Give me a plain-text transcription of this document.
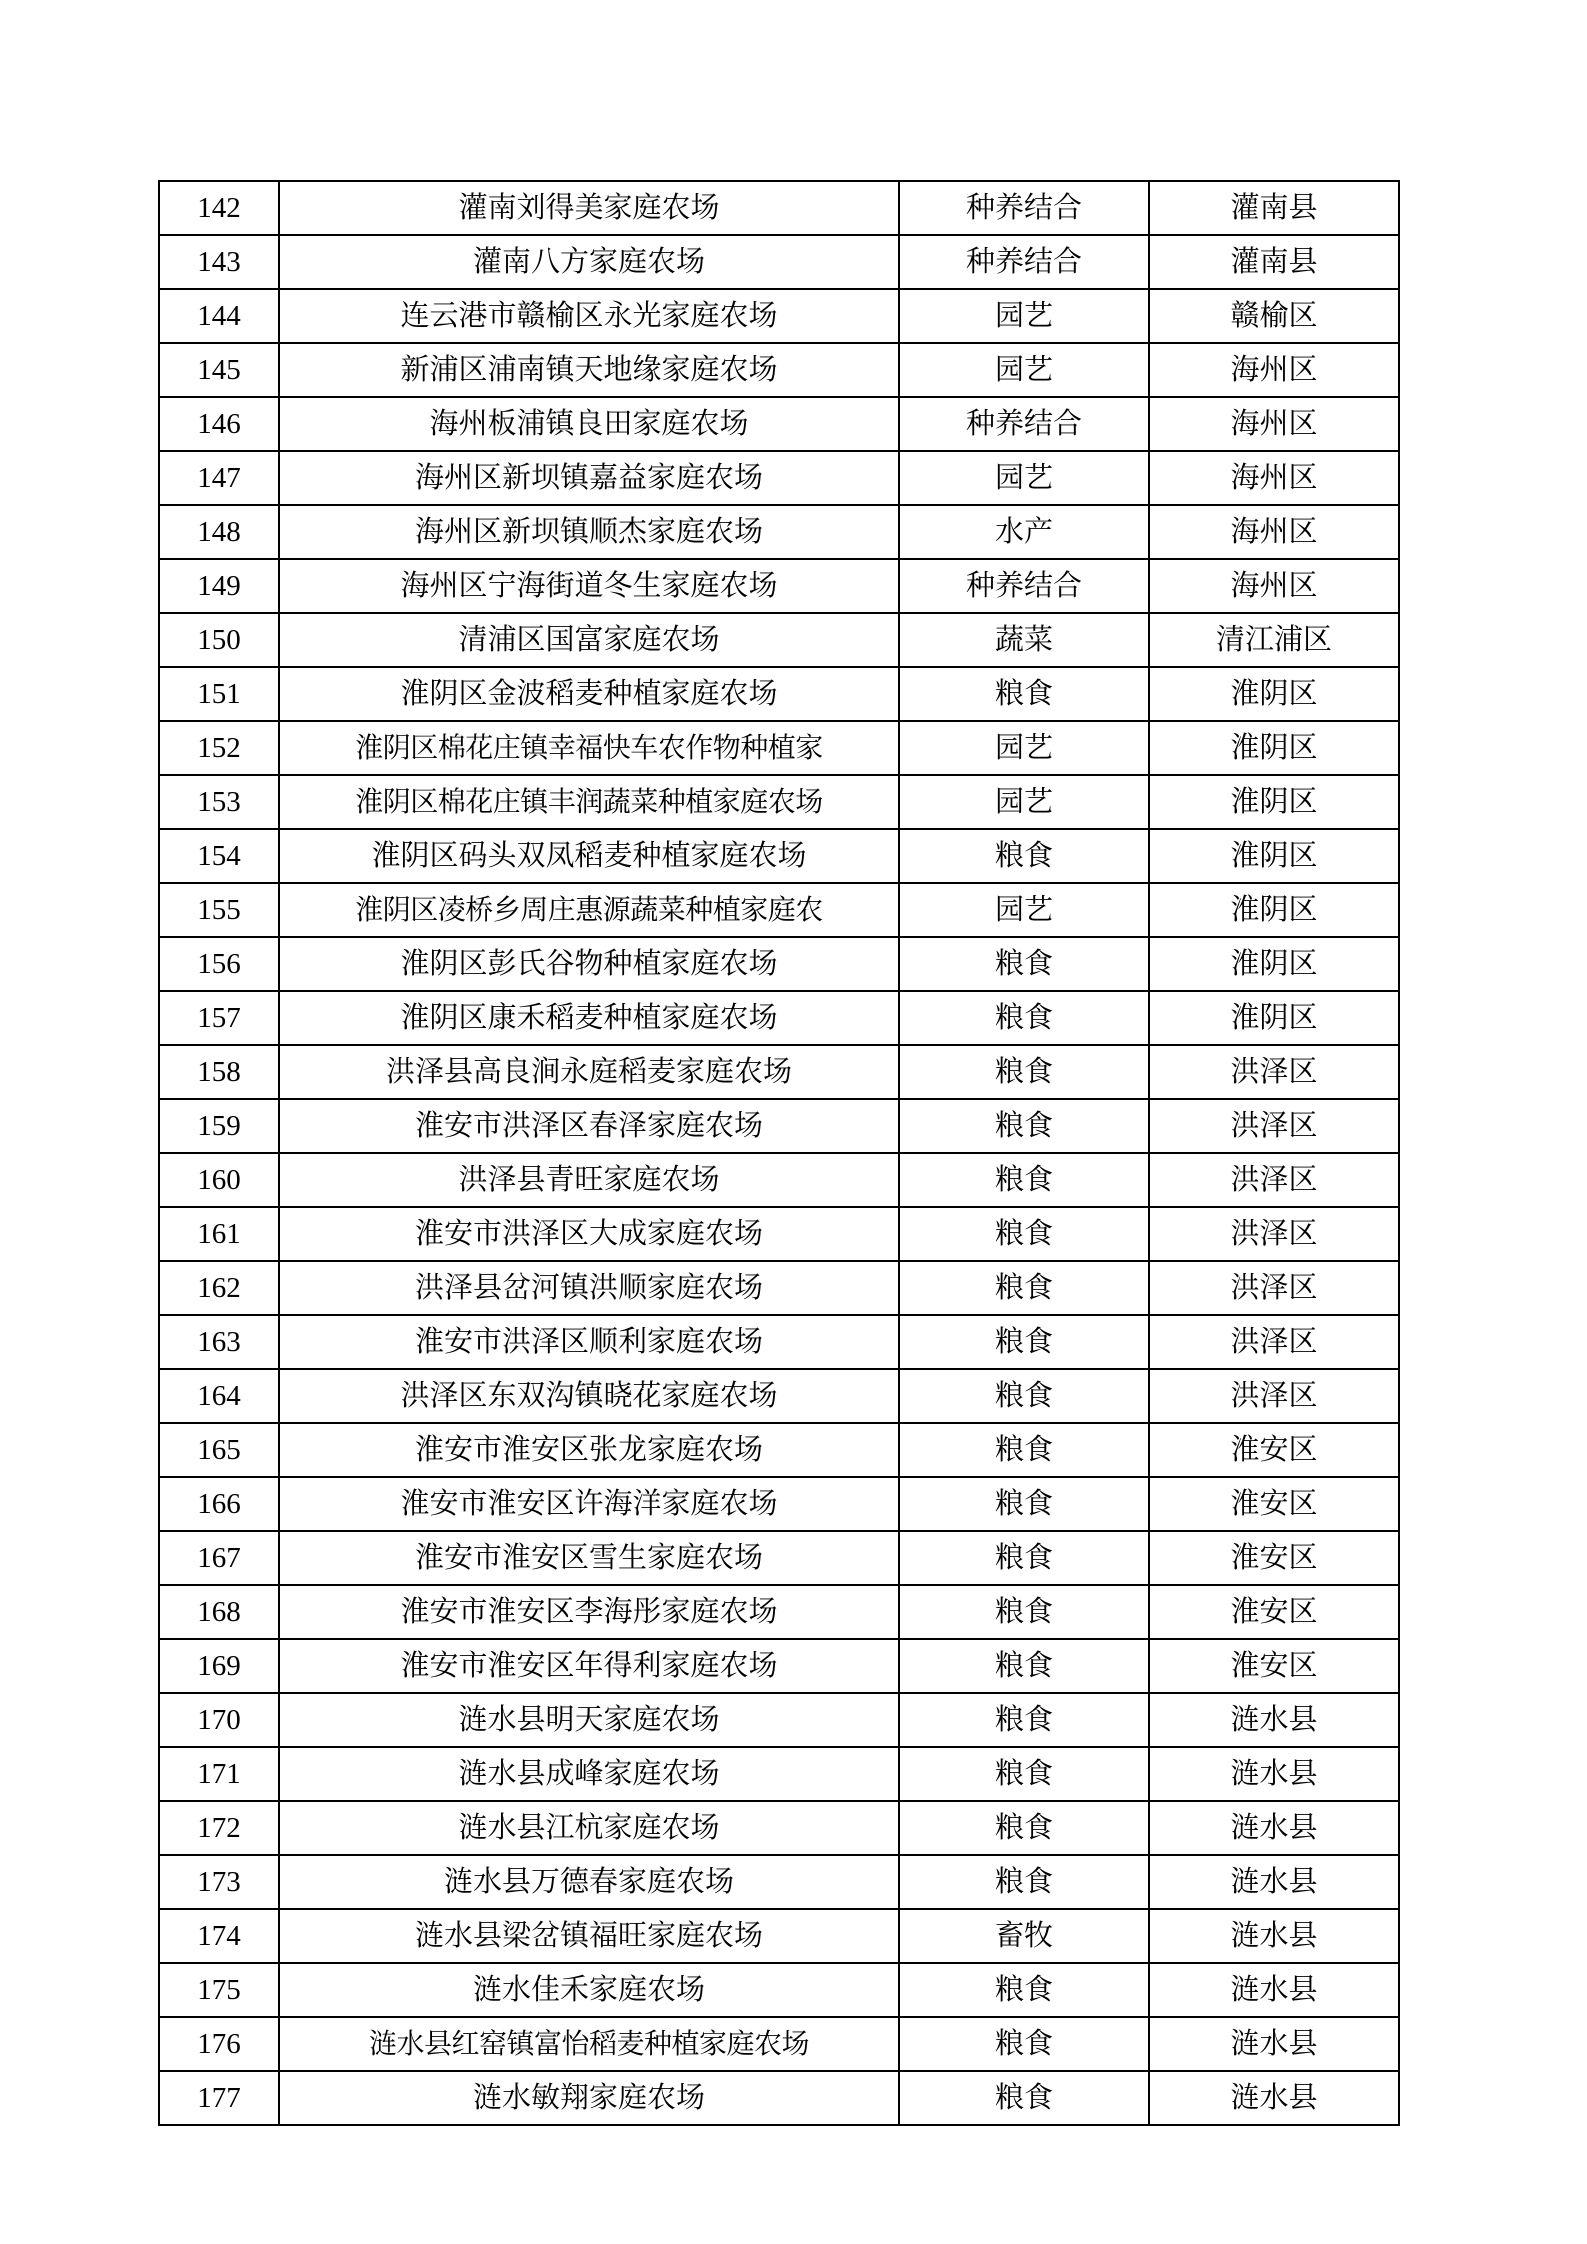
142	灌南刘得美家庭农场	种养结合	灌南县
143	灌南八方家庭农场	种养结合	灌南县
144	连云港市赣榆区永光家庭农场	园艺	赣榆区
145	新浦区浦南镇天地缘家庭农场	园艺	海州区
146	海州板浦镇良田家庭农场	种养结合	海州区
147	海州区新坝镇嘉益家庭农场	园艺	海州区
148	海州区新坝镇顺杰家庭农场	水产	海州区
149	海州区宁海街道冬生家庭农场	种养结合	海州区
150	清浦区国富家庭农场	蔬菜	清江浦区
151	淮阴区金波稻麦种植家庭农场	粮食	淮阴区
152	淮阴区棉花庄镇幸福快车农作物种植家	园艺	淮阴区
153	淮阴区棉花庄镇丰润蔬菜种植家庭农场	园艺	淮阴区
154	淮阴区码头双凤稻麦种植家庭农场	粮食	淮阴区
155	淮阴区凌桥乡周庄惠源蔬菜种植家庭农	园艺	淮阴区
156	淮阴区彭氏谷物种植家庭农场	粮食	淮阴区
157	淮阴区康禾稻麦种植家庭农场	粮食	淮阴区
158	洪泽县高良涧永庭稻麦家庭农场	粮食	洪泽区
159	淮安市洪泽区春泽家庭农场	粮食	洪泽区
160	洪泽县青旺家庭农场	粮食	洪泽区
161	淮安市洪泽区大成家庭农场	粮食	洪泽区
162	洪泽县岔河镇洪顺家庭农场	粮食	洪泽区
163	淮安市洪泽区顺利家庭农场	粮食	洪泽区
164	洪泽区东双沟镇晓花家庭农场	粮食	洪泽区
165	淮安市淮安区张龙家庭农场	粮食	淮安区
166	淮安市淮安区许海洋家庭农场	粮食	淮安区
167	淮安市淮安区雪生家庭农场	粮食	淮安区
168	淮安市淮安区李海彤家庭农场	粮食	淮安区
169	淮安市淮安区年得利家庭农场	粮食	淮安区
170	涟水县明天家庭农场	粮食	涟水县
171	涟水县成峰家庭农场	粮食	涟水县
172	涟水县江杭家庭农场	粮食	涟水县
173	涟水县万德春家庭农场	粮食	涟水县
174	涟水县梁岔镇福旺家庭农场	畜牧	涟水县
175	涟水佳禾家庭农场	粮食	涟水县
176	涟水县红窑镇富怡稻麦种植家庭农场	粮食	涟水县
177	涟水敏翔家庭农场	粮食	涟水县
